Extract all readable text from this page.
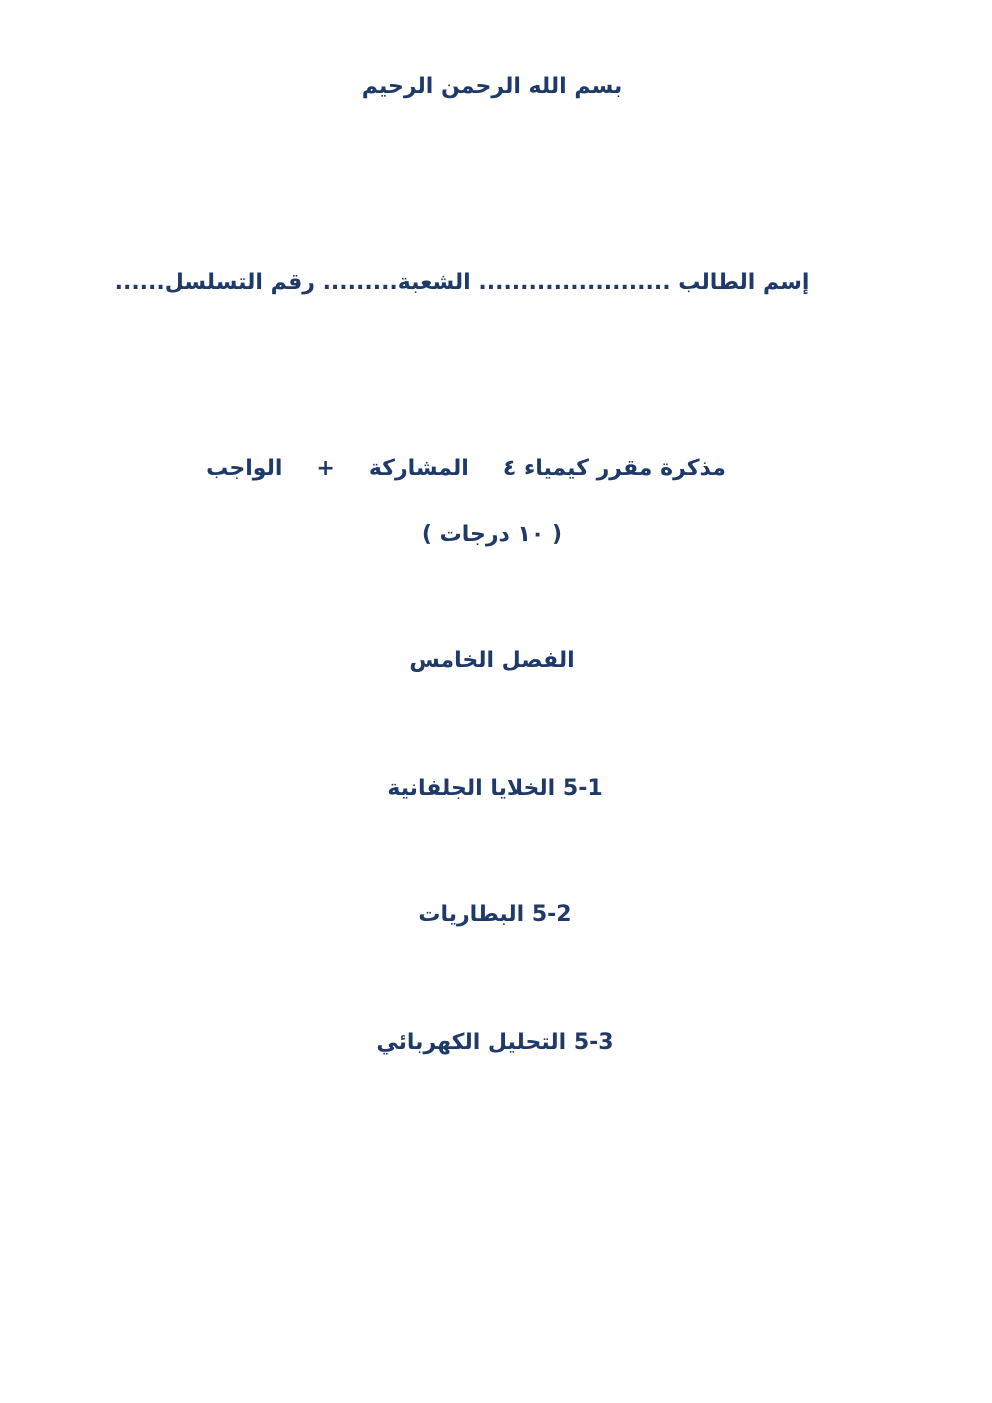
بسم الله الرحمن الرحيم
إسم الطالب ....................... الشعبة......... رقم التسلسل......
مذكرة مقرر كيمياء ٤المشاركة+الواجب
( ١٠ درجات )
الفصل الخامس
5-1 الخلايا الجلفانية
5-2 البطاريات
5-3 التحليل الكهربائي
